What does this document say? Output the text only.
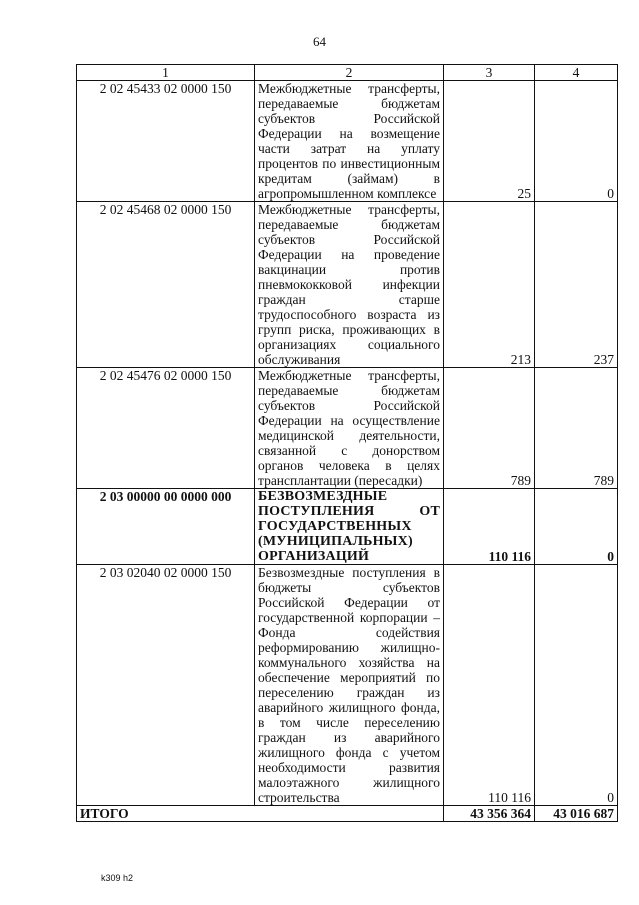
64
1	2	3	4
2 02 45433 02 0000 150	Межбюджетные трансферты, передаваемые бюджетам субъектов Российской Федерации на возмещение части затрат на уплату процентов по инвестиционным кредитам (займам) в агропромышленном комплексе	25	0
2 02 45468 02 0000 150	Межбюджетные трансферты, передаваемые бюджетам субъектов Российской Федерации на проведение вакцинации против пневмококковой инфекции граждан старше трудоспособного возраста из групп риска, проживающих в организациях социального обслуживания	213	237
2 02 45476 02 0000 150	Межбюджетные трансферты, передаваемые бюджетам субъектов Российской Федерации на осуществление медицинской деятельности, связанной с донорством органов человека в целях трансплантации (пересадки)	789	789
2 03 00000 00 0000 000	БЕЗВОЗМЕЗДНЫЕ ПОСТУПЛЕНИЯ ОТ ГОСУДАРСТВЕННЫХ (МУНИЦИПАЛЬНЫХ) ОРГАНИЗАЦИЙ	110 116	0
2 03 02040 02 0000 150	Безвозмездные поступления в бюджеты субъектов Российской Федерации от государственной корпорации – Фонда содействия реформированию жилищно-коммунального хозяйства на обеспечение мероприятий по переселению граждан из аварийного жилищного фонда, в том числе переселению граждан из аварийного жилищного фонда с учетом необходимости развития малоэтажного жилищного строительства	110 116	0
ИТОГО		43 356 364	43 016 687
k309 h2
